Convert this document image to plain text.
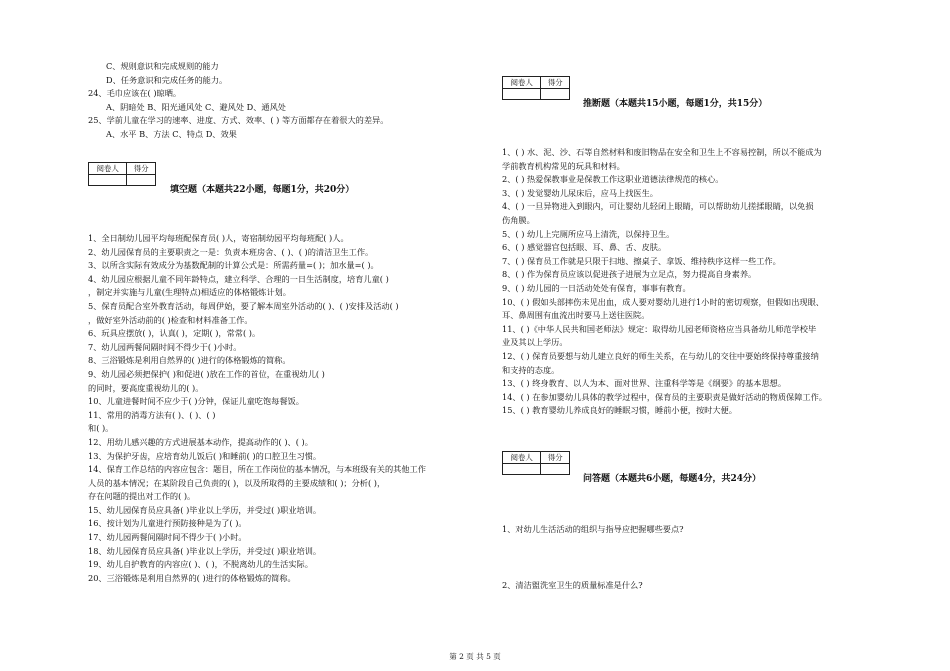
C、规则意识和完成规则的能力
D、任务意识和完成任务的能力。
24、毛巾应该在( )晾晒。
A、阴暗处 B、阳光通风处 C、避风处 D、通风处
25、学前儿童在学习的速率、进度、方式、效率、( ) 等方面都存在着很大的差异。
A、水平 B、方法 C、特点 D、效果
阅卷人	得分

填空题（本题共22小题，每题1分，共20分）
1、全日制幼儿园平均每班配保育员( )人，寄宿制幼园平均每班配( )人。
2、幼儿园保育员的主要职责之一是：负责本班房舍、( )、( )的清洁卫生工作。
3、以所含实际有效成分为基数配制的计算公式是：所需药量=( )；加水量=( )。
4、幼儿园应根据儿童不同年龄特点，建立科学、合理的一日生活制度，培育儿童( )
，制定并实施与儿童(生理特点)相适应的体格锻炼计划。
5、保育员配合室外教育活动，每周伊始，要了解本周室外活动的( )、( )安排及活动( )
，做好室外活动前的( )检查和材料准备工作。
6、玩具应摆放( )，认真( )，定期( )，常常( )。
7、幼儿园两餐间隔时间不得少于( )小时。
8、三浴锻炼是利用自然界的( )进行的体格锻炼的简称。
9、幼儿园必须把保护( )和促进( )放在工作的首位，在重视幼儿( )
的同时，要高度重视幼儿的( )。
10、儿童进餐时间不应少于( )分钟，保证儿童吃饱每餐饭。
11、常用的消毒方法有( )、( )、( )
和( )。
12、用幼儿感兴趣的方式进展基本动作，提高动作的( )、( )。
13、为保护牙齿，应培育幼儿饭后( )和睡前( )的口腔卫生习惯。
14、保育工作总结的内容应包含：题目，所在工作岗位的基本情况，与本班级有关的其他工作
人员的基本情况；在某阶段自己负责的( )，以及所取得的主要成绩和( )；分析( )，
存在问题的提出对工作的( )。
15、幼儿园保育员应具备( )毕业以上学历，并受过( )职业培训。
16、按计划为儿童进行预防接种是为了( )。
17、幼儿园两餐间隔时间不得少于( )小时。
18、幼儿园保育员应具备( )毕业以上学历，并受过( )职业培训。
19、幼儿自护教育的内容应( )、( )，不脱离幼儿的生活实际。
20、三浴锻炼是利用自然界的( )进行的体格锻炼的简称。
阅卷人	得分

推断题（本题共15小题，每题1分，共15分）
1、( ) 水、泥、沙、石等自然材料和废旧物品在安全和卫生上不容易控制，所以不能成为
学前教育机构常见的玩具和材料。
2、( ) 热爱保教事业是保教工作这职业道德法律规范的核心。
3、( ) 发觉婴幼儿尿床后，应马上找医生。
4、( ) 一旦异物进入到眼内，可让婴幼儿轻闭上眼睛，可以帮助幼儿搓揉眼睛，以免损
伤角膜。
5、( ) 幼儿上完厕所应马上清洗，以保持卫生。
6、( ) 感觉器官包括眼、耳、鼻、舌、皮肤。
7、( ) 保育员工作就是只限于扫地、擦桌子、拿饭、维持秩序这样一些工作。
8、( ) 作为保育员应该以促进孩子进展为立足点，努力提高自身素养。
9、( ) 幼儿园的一日活动处处有保育，事事有教育。
10、( ) 假如头部摔伤未见出血，成人要对婴幼儿进行1小时的密切观察，但假如出现眼、
耳、鼻周围有血流出时要马上送往医院。
11、( )《中华人民共和国老师法》规定：取得幼儿园老师资格应当具备幼儿师范学校毕
业及其以上学历。
12、( ) 保育员要想与幼儿建立良好的师生关系，在与幼儿的交往中要始终保持尊重接纳
和支持的态度。
13、( ) 终身教育、以人为本、面对世界、注重科学等是《纲要》的基本思想。
14、( ) 在参加婴幼儿具体的教学过程中，保育员的主要职责是做好活动的物质保障工作。
15、( ) 教育婴幼儿养成良好的睡眠习惯，睡前小便，按时大便。
阅卷人	得分

问答题（本题共6小题，每题4分，共24分）
1、对幼儿生活活动的组织与指导应把握哪些要点?
2、清洁盥洗室卫生的质量标准是什么?
第 2 页 共 5 页
